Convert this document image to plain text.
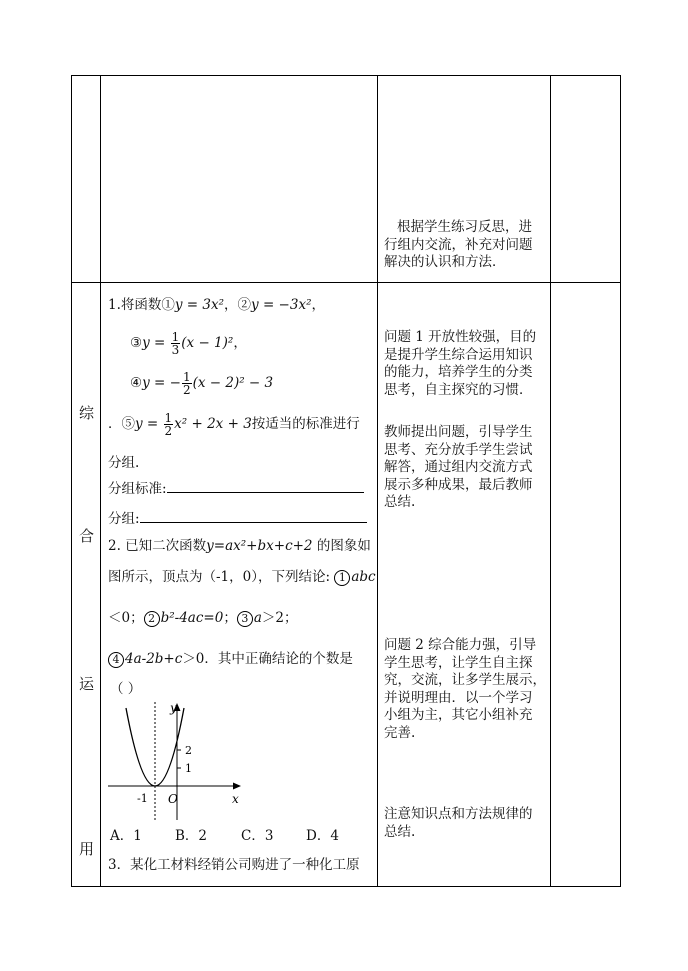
根据学生练习反思，进
行组内交流，补充对问题
解决的认识和方法．
综
合
运
用
1.将函数①y = 3x²，②y = −3x²，
③y = $\frac{1}{3} (x - 1)^2$，
④y = − $\frac{1}{2} (x - 2)^2 - 3$
．⑤y = $\frac{1}{2} x^2 + 2x + 3$按适当的标准进行
分组.
分组标准:
分组:
2. 已知二次函数y=ax²+bx+c+2 的图象如
图所示，顶点为（-1，0），下列结论: 1 abc
＜0； 2 b²-4ac=0； 3 a＞2；
4 4a-2b+c＞0．其中正确结论的个数是
（ ）
y
x
O
-1
2
1
A．1 B．2	C．3 D．4
3．某化工材料经销公司购进了一种化工原
问题 1 开放性较强，目的
是提升学生综合运用知识
的能力，培养学生的分类
思考，自主探究的习惯．
教师提出问题，引导学生
思考、充分放手学生尝试
解答，通过组内交流方式
展示多种成果，最后教师
总结.
问题 2 综合能力强，引导
学生思考，让学生自主探
究，交流，让多学生展示，
并说明理由．以一个学习
小组为主，其它小组补充
完善.
注意知识点和方法规律的
总结.
